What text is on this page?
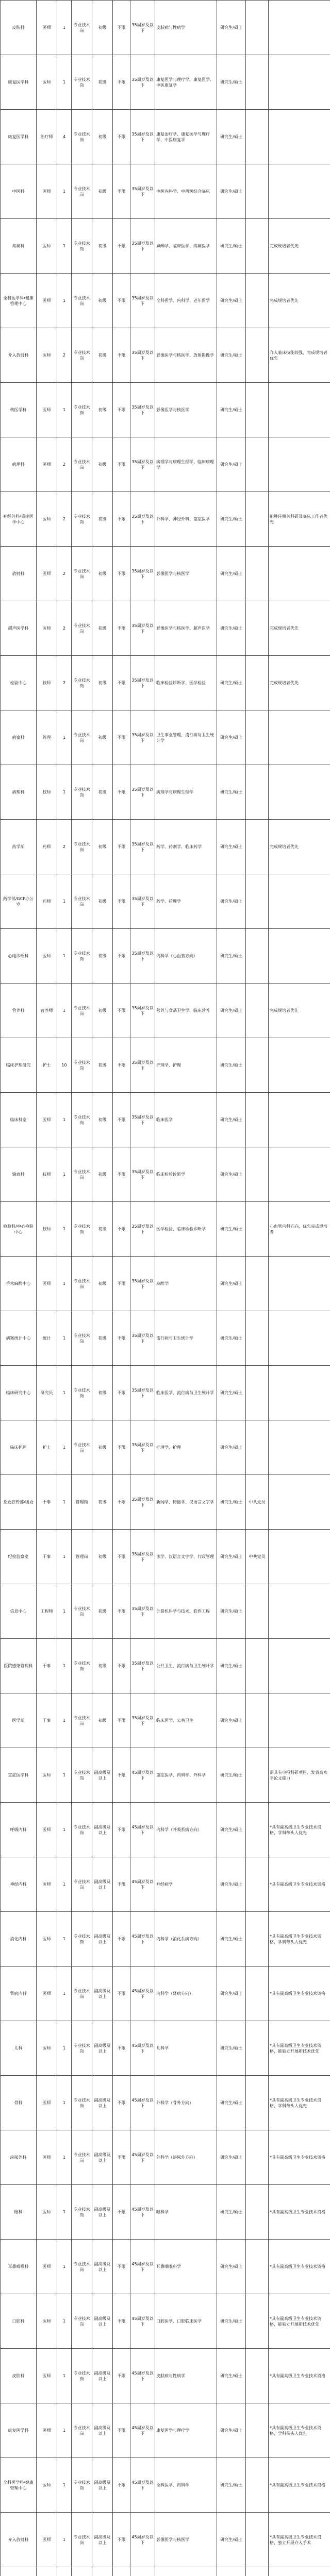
皮肤科	医师	1	专业技术岗	初级	不限	35周岁及以下	皮肤病与性病学	研究生/硕士		
康复医学科	医师	1	专业技术岗	初级	不限	35周岁及以下	康复医学与理疗学、康复医学、中医康复学	研究生/硕士		
康复医学科	治疗师	4	专业技术岗	初级	不限	35周岁及以下	康复治疗学、康复医学与理疗学、中医康复学	研究生/硕士		
中医科	医师	1	专业技术岗	初级	不限	35周岁及以下	中医内科学、中西医结合临床	研究生/硕士		
疼痛科	医师	1	专业技术岗	初级	不限	35周岁及以下	麻醉学、临床医学、疼痛医学	研究生/硕士		完成规培者优先
全科医学科/健康管理中心	医师	1	专业技术岗	初级	不限	35周岁及以下	全科医学、内科学、老年医学	研究生/硕士		完成规培者优先
介入放射科	医师	2	专业技术岗	初级	不限	35周岁及以下	影像医学与核医学、放射影像学	研究生/硕士		介入临床技能较强，完成规培者优先
核医学科	医师	1	专业技术岗	初级	不限	35周岁及以下	影像医学与核医学	研究生/硕士		
病理科	医师	2	专业技术岗	初级	不限	35周岁及以下	病理学与病理生理学、临床病理学	研究生/硕士		
神经外科/重症医学中心	医师	2	专业技术岗	初级	不限	35周岁及以下	外科学、神经外科、重症医学	研究生/硕士		能胜任相关科研及临床工作者优先
放射科	医师	2	专业技术岗	初级	不限	35周岁及以下	影像医学与核医学	研究生/硕士		
超声医学科	医师	2	专业技术岗	初级	不限	35周岁及以下	影像医学与核医学、超声医学	研究生/硕士		完成规培者优先
检验中心	技师	2	专业技术岗	初级	不限	35周岁及以下	临床检验诊断学、医学检验	研究生/硕士		完成规培者优先
病案科	管理	1	专业技术岗	初级	不限	35周岁及以下	卫生事业管理、流行病与卫生统计学	研究生/硕士		
病理科	技师	1	专业技术岗	初级	不限	35周岁及以下	病理学与病理生理学	研究生/硕士		
药学部	药师	2	专业技术岗	初级	不限	35周岁及以下	药学、药剂学、临床药学	研究生/硕士		完成规培者优先
药学部/GCP办公室	药师	1	专业技术岗	初级	不限	35周岁及以下	药学、药理学	研究生/硕士		
心电诊断科	医师	1	专业技术岗	初级	不限	35周岁及以下	内科学（心血管方向）	研究生/硕士		
营养科	营养师	1	专业技术岗	初级	不限	35周岁及以下	营养与食品卫生学、临床营养	研究生/硕士		完成规培者优先
临床护理研究	护士	10	专业技术岗	初级	不限	35周岁及以下	护理学、护理	研究生/硕士		
临床科室	医师	1	专业技术岗	初级	不限	35周岁及以下	临床医学	研究生/硕士		
输血科	技师	1	专业技术岗	初级	不限	35周岁及以下	临床检验诊断学	研究生/硕士		
检验科/中心检验中心	技师	1	专业技术岗	初级	不限	35周岁及以下	医学检验、临床检验诊断学	研究生/硕士		心血管内科方向，优先完成规培者
手术麻醉中心	医师	1	专业技术岗	初级	不限	35周岁及以下	麻醉学	研究生/硕士		
病案统计中心	统计	1	专业技术岗	初级	不限	35周岁及以下	流行病与卫生统计学	研究生/硕士		
临床研究中心	研究员	1	专业技术岗	初级	不限	35周岁及以下	临床医学、流行病与卫生统计学	研究生/硕士		
临床护理	护士	1	专业技术岗	初级	不限	35周岁及以下	护理学、护理	研究生/硕士		
党委宣传部/团委	干事	1	管理岗	初级	不限	35周岁及以下	新闻学、传播学、汉语言文字学	研究生/硕士	中共党员	
纪检监察室	干事	1	管理岗	初级	不限	35周岁及以下	法学、汉语言文字学、行政管理	研究生/硕士	中共党员	
信息中心	工程师	1	专业技术岗	初级	不限	35周岁及以下	计算机科学与技术、软件工程	研究生/硕士		
医院感染管理科	干事	1	专业技术岗	初级	不限	35周岁及以下	公共卫生、流行病与卫生统计学	研究生/硕士		
医学部	干事	1	专业技术岗	初级	不限	35周岁及以下	临床医学、公共卫生	研究生/硕士		
重症医学科	医师	1	专业技术岗	副高级及以上	不限	45周岁及以下	重症医学、内科学、外科学	研究生/硕士		需具有申报科研项目、发表高水平论文能力
呼吸内科	医师	1	专业技术岗	副高级及以上	不限	45周岁及以下	内科学（呼吸系病方向）	研究生/硕士		*具有副高级卫生专业技术资格，学科带头人优先
神经内科	医师	1	专业技术岗	副高级及以上	不限	45周岁及以下	神经病学	研究生/硕士		*具有副高级卫生专业技术资格
消化内科	医师	1	专业技术岗	副高级及以上	不限	45周岁及以下	内科学（消化系病方向）	研究生/硕士		*具有副高级卫生专业技术资格，学科带头人优先
肾病内科	医师	1	专业技术岗	副高级及以上	不限	45周岁及以下	内科学（肾病方向）	研究生/硕士		*具有副高级卫生专业技术资格
儿科	医师	1	专业技术岗	副高级及以上	不限	45周岁及以下	儿科学	研究生/硕士		*具有副高级卫生专业技术资格，能独立开展新技术优先
骨科	医师	1	专业技术岗	副高级及以上	不限	45周岁及以下	外科学（骨外方向）	研究生/硕士		*具有副高级卫生专业技术资格，学科带头人优先
泌尿外科	医师	1	专业技术岗	副高级及以上	不限	45周岁及以下	外科学（泌尿外方向）	研究生/硕士		*具有副高级卫生专业技术资格
眼科	医师	1	专业技术岗	副高级及以上	不限	45周岁及以下	眼科学	研究生/硕士		*具有副高级卫生专业技术资格
耳鼻咽喉科	医师	1	专业技术岗	副高级及以上	不限	45周岁及以下	耳鼻咽喉科学	研究生/硕士		*具有副高级卫生专业技术资格
口腔科	医师	1	专业技术岗	副高级及以上	不限	45周岁及以下	口腔医学、口腔临床医学	研究生/硕士		*具有副高级卫生专业技术资格，能独立开展新技术优先
皮肤科	医师	1	专业技术岗	副高级及以上	不限	45周岁及以下	皮肤病与性病学	研究生/硕士		*具有副高级卫生专业技术资格
康复医学科	医师	1	专业技术岗	副高级及以上	不限	45周岁及以下	康复医学与理疗学	研究生/硕士		*具有副高级卫生专业技术资格，学科带头人优先
全科医学科/健康管理中心	医师	1	专业技术岗	副高级及以上	不限	45周岁及以下	全科医学、内科学	研究生/硕士		*具有副高级卫生专业技术资格
介入放射科	医师	1	专业技术岗	副高级及以上	不限	45周岁及以下	影像医学与核医学	研究生/硕士		*具有副高级卫生专业技术资格，独立开展介入手术
